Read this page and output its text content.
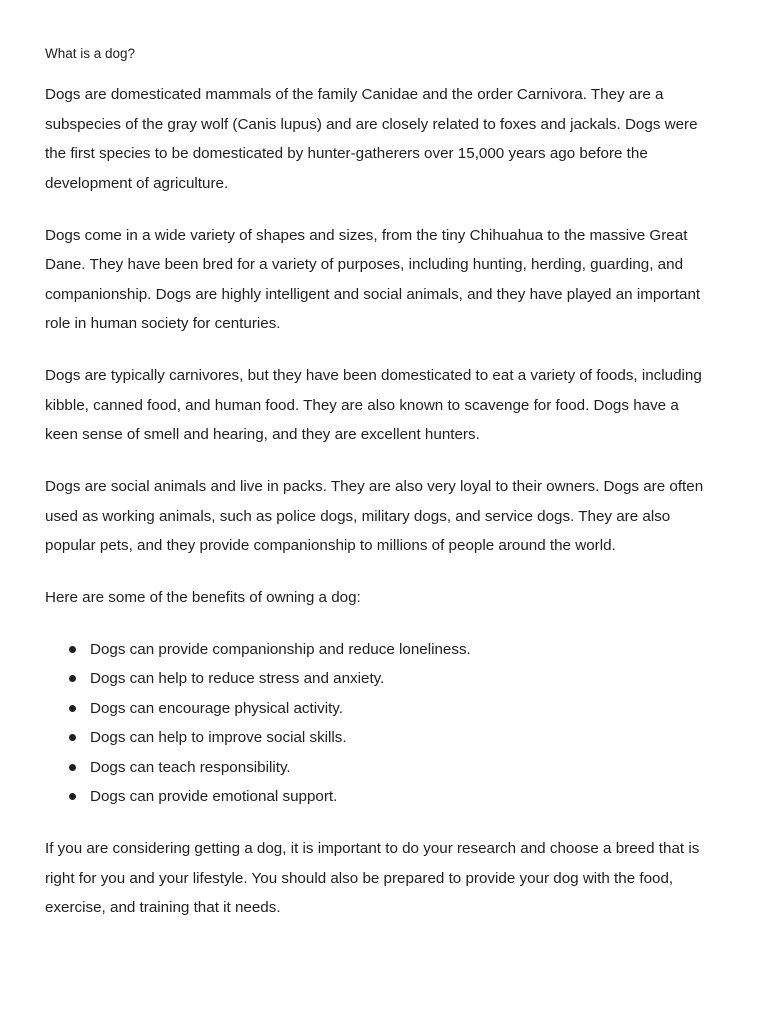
What is a dog?

Dogs are domesticated mammals of the family Canidae and the order Carnivora. They are a subspecies of the gray wolf (Canis lupus) and are closely related to foxes and jackals. Dogs were the first species to be domesticated by hunter-gatherers over 15,000 years ago before the development of agriculture.

Dogs come in a wide variety of shapes and sizes, from the tiny Chihuahua to the massive Great Dane. They have been bred for a variety of purposes, including hunting, herding, guarding, and companionship. Dogs are highly intelligent and social animals, and they have played an important role in human society for centuries.

Dogs are typically carnivores, but they have been domesticated to eat a variety of foods, including kibble, canned food, and human food. They are also known to scavenge for food. Dogs have a keen sense of smell and hearing, and they are excellent hunters.

Dogs are social animals and live in packs. They are also very loyal to their owners. Dogs are often used as working animals, such as police dogs, military dogs, and service dogs. They are also popular pets, and they provide companionship to millions of people around the world.

Here are some of the benefits of owning a dog:

Dogs can provide companionship and reduce loneliness.
Dogs can help to reduce stress and anxiety.
Dogs can encourage physical activity.
Dogs can help to improve social skills.
Dogs can teach responsibility.
Dogs can provide emotional support.

If you are considering getting a dog, it is important to do your research and choose a breed that is right for you and your lifestyle. You should also be prepared to provide your dog with the food, exercise, and training that it needs.
